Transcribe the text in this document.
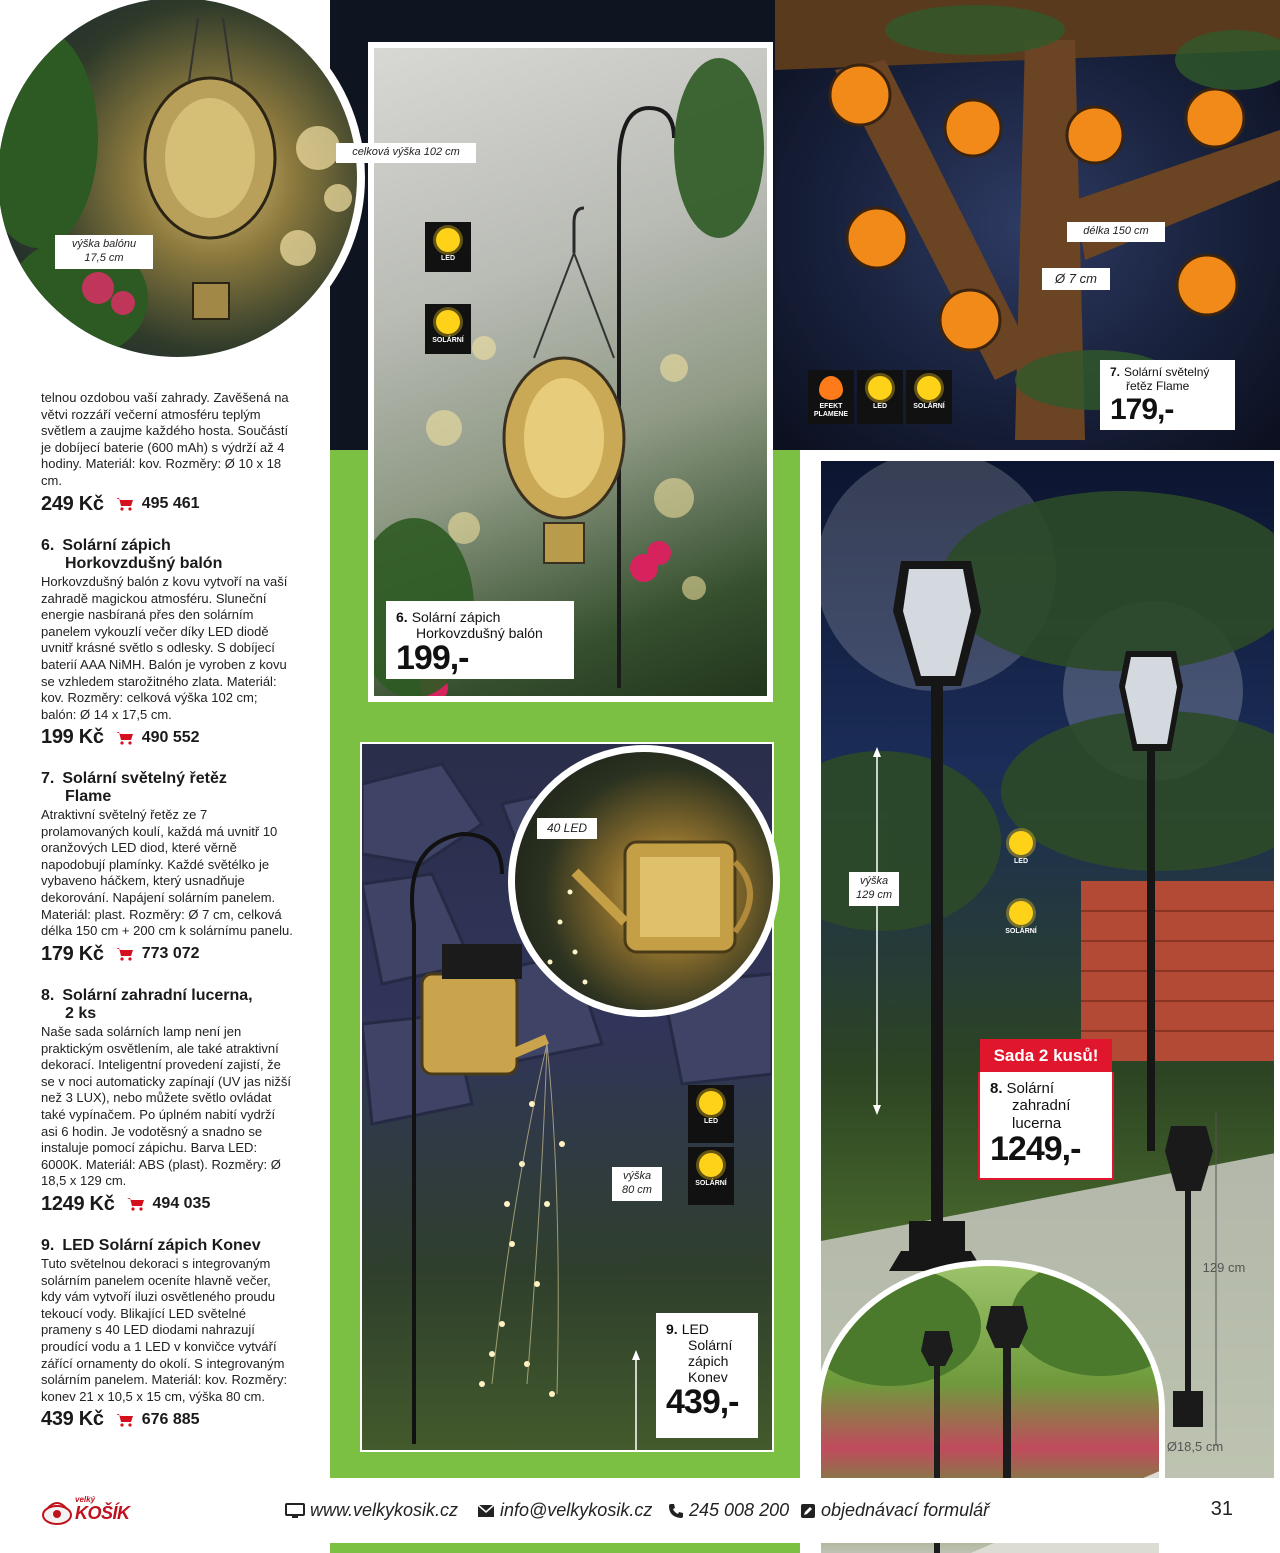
výška balónu 17,5 cm
celková výška 102 cm
délka 150 cm
Ø 7 cm
výška 129 cm
40 LED
výška 80 cm
129 cm
Ø18,5 cm
LED
SOLÁRNÍ
EFEKT
PLAMENE
LED	SOLÁRNÍ
LED
SOLÁRNÍ
LED
SOLÁRNÍ
6. Solární zápich
Horkovzdušný balón
199,-
7. Solární světelný
řetěz Flame
179,-
Sada 2 kusů!
8. Solární
zahradní
lucerna
1249,-
9. LED
Solární
zápich
Konev
439,-

telnou ozdobou vaší zahrady. Zavěšená na větvi rozzáří večerní atmosféru teplým světlem a zaujme každého hosta. Součástí je dobíjecí baterie (600 mAh) s výdrží až 4 hodiny. Materiál: kov. Rozměry: Ø 10 x 18 cm.

249 Kč 495 461
6. Solární zápich
Horkovzdušný balón

Horkovzdušný balón z kovu vytvoří na vaší zahradě magickou atmosféru. Sluneční energie nasbíraná přes den solárním panelem vykouzlí večer díky LED diodě uvnitř krásné světlo s odlesky. S dobíjecí baterií AAA NiMH. Balón je vyroben z kovu se vzhledem starožitného zlata. Materiál: kov. Rozměry: celková výška 102 cm; balón: Ø 14 x 17,5 cm.

199 Kč 490 552
7. Solární světelný řetěz
Flame

Atraktivní světelný řetěz ze 7 prolamovaných koulí, každá má uvnitř 10 oranžových LED diod, které věrně napodobují plamínky. Každé světélko je vybaveno háčkem, který usnadňuje dekorování. Napájení solárním panelem. Materiál: plast. Rozměry: Ø 7 cm, celková délka 150 cm + 200 cm k solárnímu panelu.

179 Kč 773 072
8. Solární zahradní lucerna,
2 ks

Naše sada solárních lamp není jen praktickým osvětlením, ale také atraktivní dekorací. Inteligentní provedení zajistí, že se v noci automaticky zapínají (UV jas nižší než 3 LUX), nebo můžete světlo ovládat také vypínačem. Po úplném nabití vydrží asi 6 hodin. Je vodotěsný a snadno se instaluje pomocí zápichu. Barva LED: 6000K. Materiál: ABS (plast). Rozměry: Ø 18,5 x 129 cm.

1249 Kč 494 035
9. LED Solární zápich Konev

Tuto světelnou dekoraci s integrovaným solárním panelem oceníte hlavně večer, kdy vám vytvoří iluzi osvětleného proudu tekoucí vody. Blikající LED světelné prameny s 40 LED diodami nahrazují proudící vodu a 1 LED v konvičce vytváří zářící ornamenty do okolí. S integrovaným solárním panelem. Materiál: kov. Rozměry: konev 21 x 10,5 x 15 cm, výška 80 cm.

439 Kč 676 885
velký
KOŠÍK	www.velkykosik.cz info@velkykosik.cz 245 008 200 objednávací formulář	31
